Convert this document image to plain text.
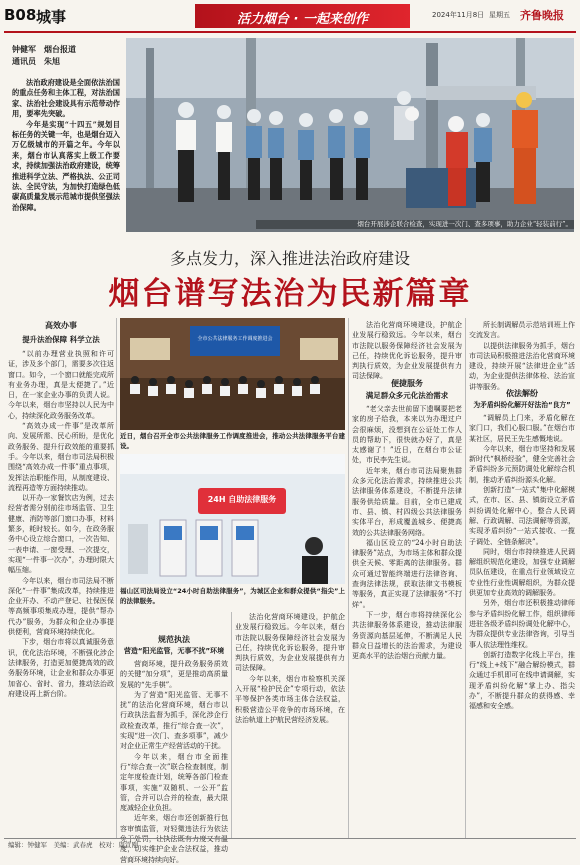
B08 城事	活力烟台 · 一起来创作	2024年11月8日 星期五 齐鲁晚报
钟健军　烟台报道
通讯员　朱旭

法治政府建设是全面依法治国的重点任务和主体工程，对法治国家、法治社会建设具有示范带动作用，要率先突破。

今年是实现“十四五”规划目标任务的关键一年，也是烟台迈入万亿级城市的开篇之年。今年以来，烟台市认真落实上级工作要求，持续加强法治政府建设，统筹推进科学立法、严格执法、公正司法、全民守法，为加快打造绿色低碳高质量发展示范城市提供坚强法治保障。

烟台开展涉企联合检查，实现进一次门、查多项事，助力企业“轻装前行”。
多点发力，深入推进法治政府建设
烟台谱写法治为民新篇章
高效办事
提升法治保障 科学立法

“以前办理营业执照和许可证，涉及多个部门，需要多次往返窗口。如今，一个窗口就能完成所有业务办理，真是太便捷了。”近日，在一家企业办事的负责人说。今年以来，烟台市坚持以人民为中心，持续深化政务服务改革。

“高效办成一件事”是改革所向、发展所需、民心所盼，是优化政务服务、提升行政效能的重要抓手。今年以来，烟台市司法局积极围绕“高效办成一件事”重点事项，发挥法治职能作用，从制度建设、流程再造等方面持续推动。

以开办一家餐饮店为例，过去经营者需分别前往市场监管、卫生健康、消防等部门窗口办事，材料繁多，耗时较长。如今，在政务服务中心设立综合窗口，一次告知、一表申请、一窗受理、一次提交，实现“一件事一次办”，办理时限大幅压缩。

今年以来，烟台市司法局不断深化“一件事”集成改革，持续推进企业开办、不动产登记、社保医保等高频事项集成办理，提供“帮办代办”服务，为群众和企业办事提供便利，营商环境持续优化。

下步，烟台市将以真诚服务意识，优化法治环境，不断强化涉企法律服务，打造更加便捷高效的政务服务环境，让企业和群众办事更加省心、省时、省力，推动法治政府建设再上新台阶。

全市公共法律服务工作调度推进会
近日，烟台召开全市公共法律服务工作调度推进会，推动公共法律服务平台建设。
24H 自助法律服务
福山区司法局设立“24小时自助法律服务”，为城区企业和群众提供“指尖”上的法律服务。
规范执法
营造“阳光监管，无事不扰”环境

营商环境，提升政务服务质效的关键“加分项”，更是推动高质量发展的“先手棋”。

为了营造“阳光监管、无事不扰”的法治化营商环境，烟台市以行政执法监督为抓手，深化涉企行政检查改革，推行“综合查一次”，实现“进一次门、查多项事”，减少对企业正常生产经营活动的干扰。

今年以来，烟台市全面推行“综合查一次”联合检查制度，制定年度检查计划，统筹各部门检查事项，实施“双随机、一公开”监管，合并可以合并的检查，最大限度减轻企业负担。

近年来，烟台市还创新推行包容审慎监管，对轻微违法行为依法免于处罚，让执法既有力度又有温度，切实维护企业合法权益，推动营商环境持续向好。

法治化营商环境建设，护航企业发展行稳致远。今年以来，烟台市法院以服务保障经济社会发展为己任，持续优化诉讼服务，提升审判执行质效，为企业发展提供有力司法保障。

今年以来，烟台市检察机关深入开展“检护民企”专项行动，依法平等保护各类市场主体合法权益，积极营造公平竞争的市场环境，在法治轨道上护航民营经济发展。

法治化营商环境建设，护航企业发展行稳致远。今年以来，烟台市法院以服务保障经济社会发展为己任，持续优化诉讼服务，提升审判执行质效，为企业发展提供有力司法保障。

便捷服务
满足群众多元化法治需求

“老父亲去世前留下遗嘱要把老家的房子给我，本来以为办理过户会很麻烦，没想到在公证处工作人员的帮助下，很快就办好了，真是太感谢了！”近日，在烟台市公证处，市民李先生说。

近年来，烟台市司法局聚焦群众多元化法治需求，持续推进公共法律服务体系建设，不断提升法律服务供给质量。目前，全市已建成市、县、镇、村四级公共法律服务实体平台，形成覆盖城乡、便捷高效的公共法律服务网络。

福山区设立的“24小时自助法律服务”站点，为市场主体和群众提供全天候、零距离的法律服务。群众可通过智能终端进行法律咨询、查询法律法规，获取法律文书模板等服务，真正实现了法律服务“不打烊”。

下一步，烟台市将持续深化公共法律服务体系建设，推动法律服务资源向基层延伸，不断满足人民群众日益增长的法治需求，为建设更高水平的法治烟台贡献力量。

所长制调解员示范培训班上作交流发言。

以提供法律服务为抓手，烟台市司法局积极推进法治化营商环境建设，持续开展“法律进企业”活动，为企业提供法律体检、法治宣讲等服务。

依法解纷
为矛盾纠纷化解开好法治“良方”

“调解员上门来，矛盾化解在家门口，我们心服口服。”在烟台市某社区，居民王先生感慨地说。

今年以来，烟台市坚持和发展新时代“枫桥经验”，健全完善社会矛盾纠纷多元预防调处化解综合机制，推动矛盾纠纷源头化解。

创新打造“一站式”集中化解模式，在市、区、县、镇街设立矛盾纠纷调处化解中心，整合人民调解、行政调解、司法调解等资源，实现矛盾纠纷“一站式接收、一揽子调处、全链条解决”。

同时，烟台市持续推进人民调解组织规范化建设，加强专业调解员队伍建设，在重点行业领域设立专业性行业性调解组织，为群众提供更加专业高效的调解服务。

另外，烟台市还积极推动律师参与矛盾纠纷化解工作，组织律师进驻各级矛盾纠纷调处化解中心，为群众提供专业法律咨询，引导当事人依法理性维权。

创新打造数字化线上平台，推行“线上+线下”融合解纷模式，群众通过手机即可在线申请调解，实现矛盾纠纷化解“掌上办、指尖办”，不断提升群众的获得感、幸福感和安全感。

编辑：钟健军　美编：武春虎　校对：周宣刚
